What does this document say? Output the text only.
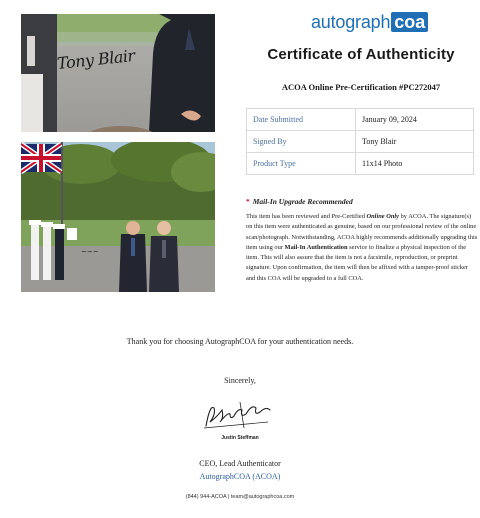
Tony Blair
~~~
autograph coa
Certificate of Authenticity
ACOA Online Pre-Certification #PC272047
Date Submitted	January 09, 2024
Signed By	Tony Blair
Product Type	11x14 Photo
* Mail-In Upgrade Recommended
This item has been reviewed and Pre-Certified Online Only by ACOA. The signature(s) on this item were authenticated as genuine, based on our professional review of the online scan/photograph. Notwithstanding, ACOA highly recommends additionally upgrading this item using our Mail-In Authentication service to finalize a physical inspection of the item. This will also assure that the item is not a facsimile, reproduction, or preprint signature. Upon confirmation, the item will then be affixed with a tamper-proof sticker and this COA will be upgraded to a full COA.
Thank you for choosing AutographCOA for your authentication needs.
Sincerely,
Justin Steffman
CEO, Lead Authenticator
AutographCOA (ACOA)
(844) 944-ACOA | team@autographcoa.com
